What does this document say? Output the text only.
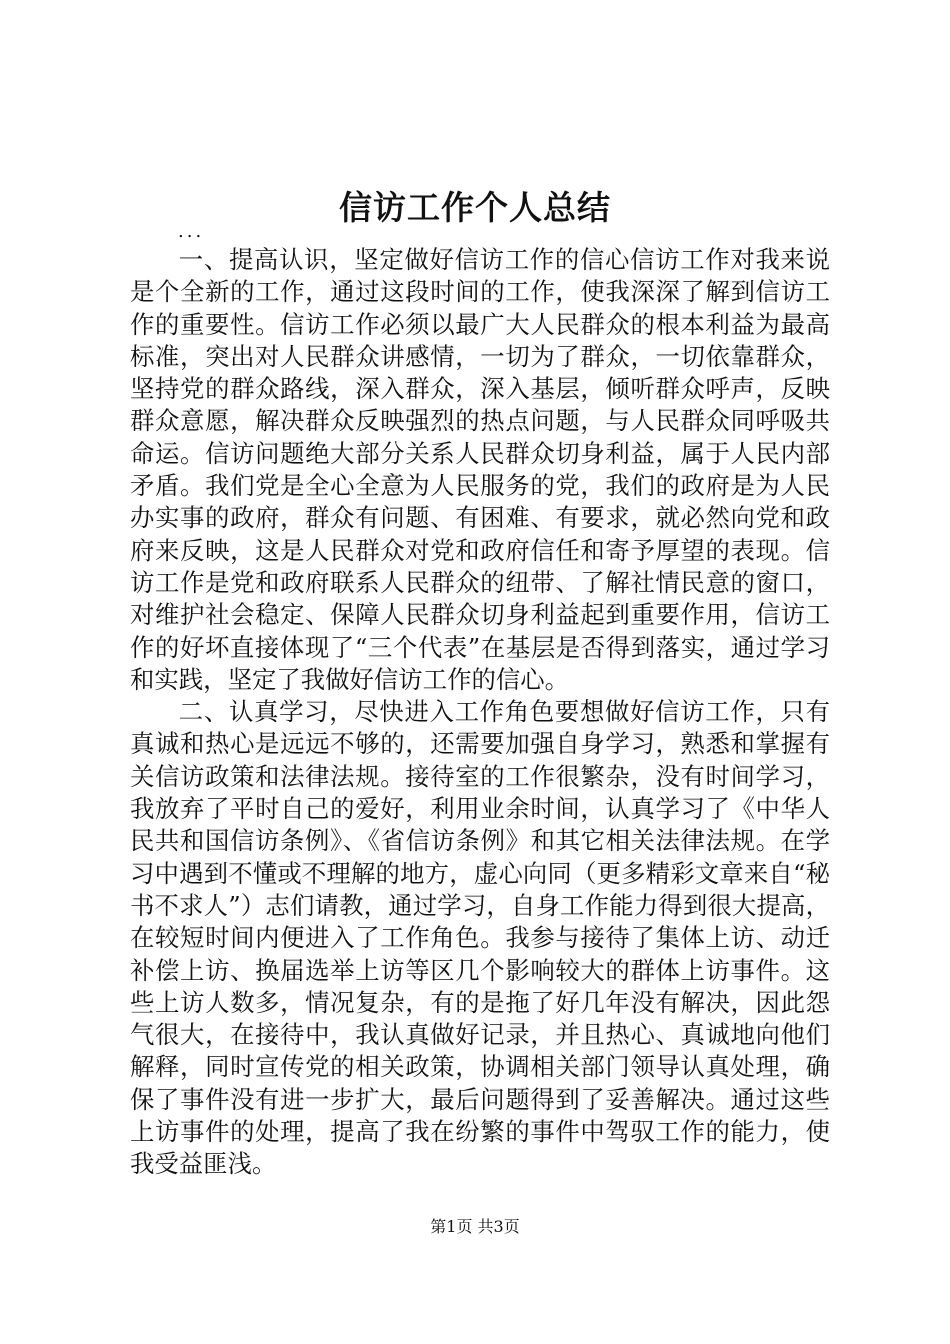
信访工作个人总结
...

一、提高认识，坚定做好信访工作的信心信访工作对我来说是个全新的工作，通过这段时间的工作，使我深深了解到信访工作的重要性。信访工作必须以最广大人民群众的根本利益为最高标准，突出对人民群众讲感情，一切为了群众，一切依靠群众，坚持党的群众路线，深入群众，深入基层，倾听群众呼声，反映群众意愿，解决群众反映强烈的热点问题，与人民群众同呼吸共命运。信访问题绝大部分关系人民群众切身利益，属于人民内部矛盾。我们党是全心全意为人民服务的党，我们的政府是为人民办实事的政府，群众有问题、有困难、有要求，就必然向党和政府来反映，这是人民群众对党和政府信任和寄予厚望的表现。信访工作是党和政府联系人民群众的纽带、了解社情民意的窗口，对维护社会稳定、保障人民群众切身利益起到重要作用，信访工作的好坏直接体现了“三个代表”在基层是否得到落实，通过学习和实践，坚定了我做好信访工作的信心。

二、认真学习，尽快进入工作角色要想做好信访工作，只有真诚和热心是远远不够的，还需要加强自身学习，熟悉和掌握有关信访政策和法律法规。接待室的工作很繁杂，没有时间学习，我放弃了平时自己的爱好，利用业余时间，认真学习了《中华人民共和国信访条例》、《省信访条例》和其它相关法律法规。在学习中遇到不懂或不理解的地方，虚心向同（更多精彩文章来自“秘书不求人”）志们请教，通过学习，自身工作能力得到很大提高，在较短时间内便进入了工作角色。我参与接待了集体上访、动迁补偿上访、换届选举上访等区几个影响较大的群体上访事件。这些上访人数多，情况复杂，有的是拖了好几年没有解决，因此怨气很大，在接待中，我认真做好记录，并且热心、真诚地向他们解释，同时宣传党的相关政策，协调相关部门领导认真处理，确保了事件没有进一步扩大，最后问题得到了妥善解决。通过这些上访事件的处理，提高了我在纷繁的事件中驾驭工作的能力，使我受益匪浅。

第1页 共3页
